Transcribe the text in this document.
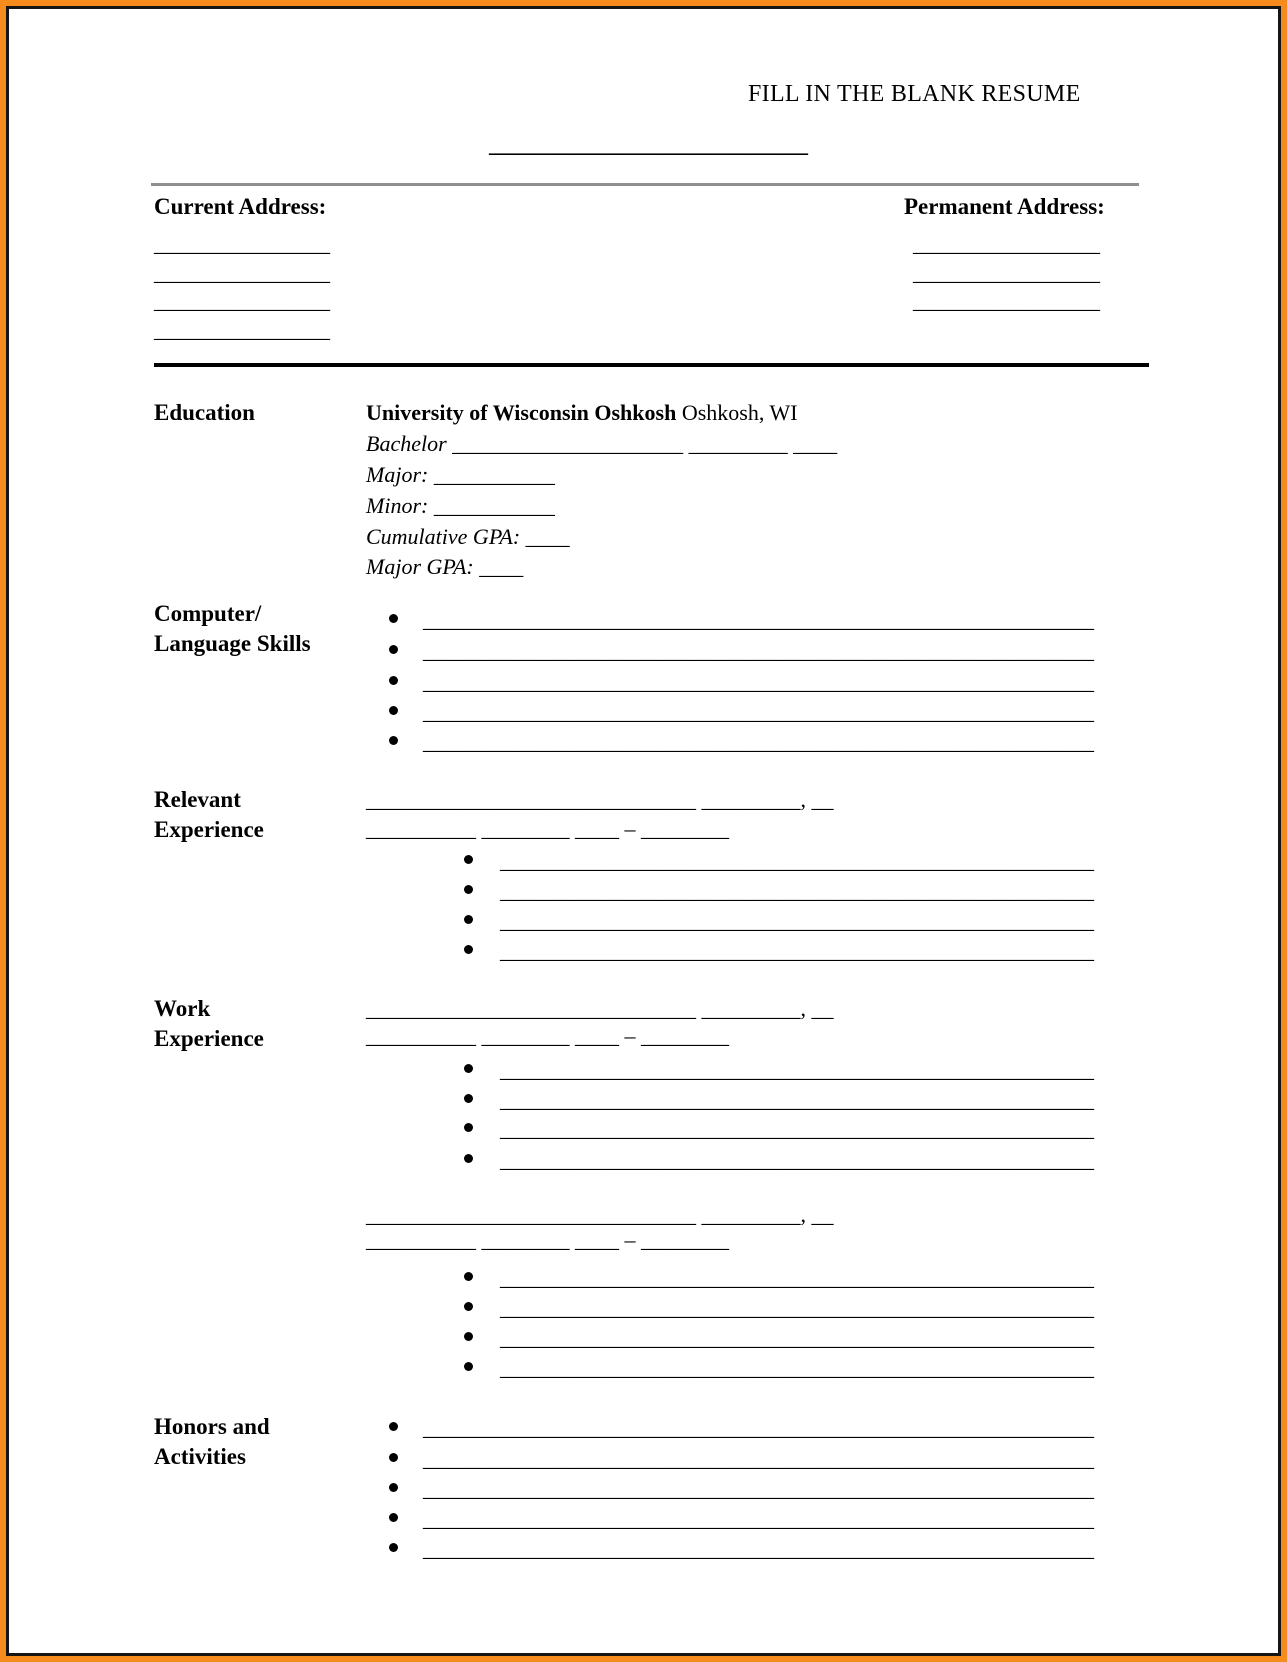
FILL IN THE BLANK RESUME
_____________________________
Current Address:	Permanent Address:
________________
________________
________________
________________
_________________
_________________
_________________
Education	University of Wisconsin Oshkosh Oshkosh, WI
Bachelor _____________________ _________ ____
Major: ___________
Minor: ___________
Cumulative GPA: ____
Major GPA: ____
Computer/
Language Skills
_____________________________________________________________
_____________________________________________________________
_____________________________________________________________
_____________________________________________________________
_____________________________________________________________
Relevant
Experience
______________________________ _________, __
__________ ________ ____ – ________
______________________________________________________
______________________________________________________
______________________________________________________
______________________________________________________
Work
Experience
______________________________ _________, __
__________ ________ ____ – ________
______________________________________________________
______________________________________________________
______________________________________________________
______________________________________________________
______________________________ _________, __
__________ ________ ____ – ________
______________________________________________________
______________________________________________________
______________________________________________________
______________________________________________________
Honors and
Activities
_____________________________________________________________
_____________________________________________________________
_____________________________________________________________
_____________________________________________________________
_____________________________________________________________
